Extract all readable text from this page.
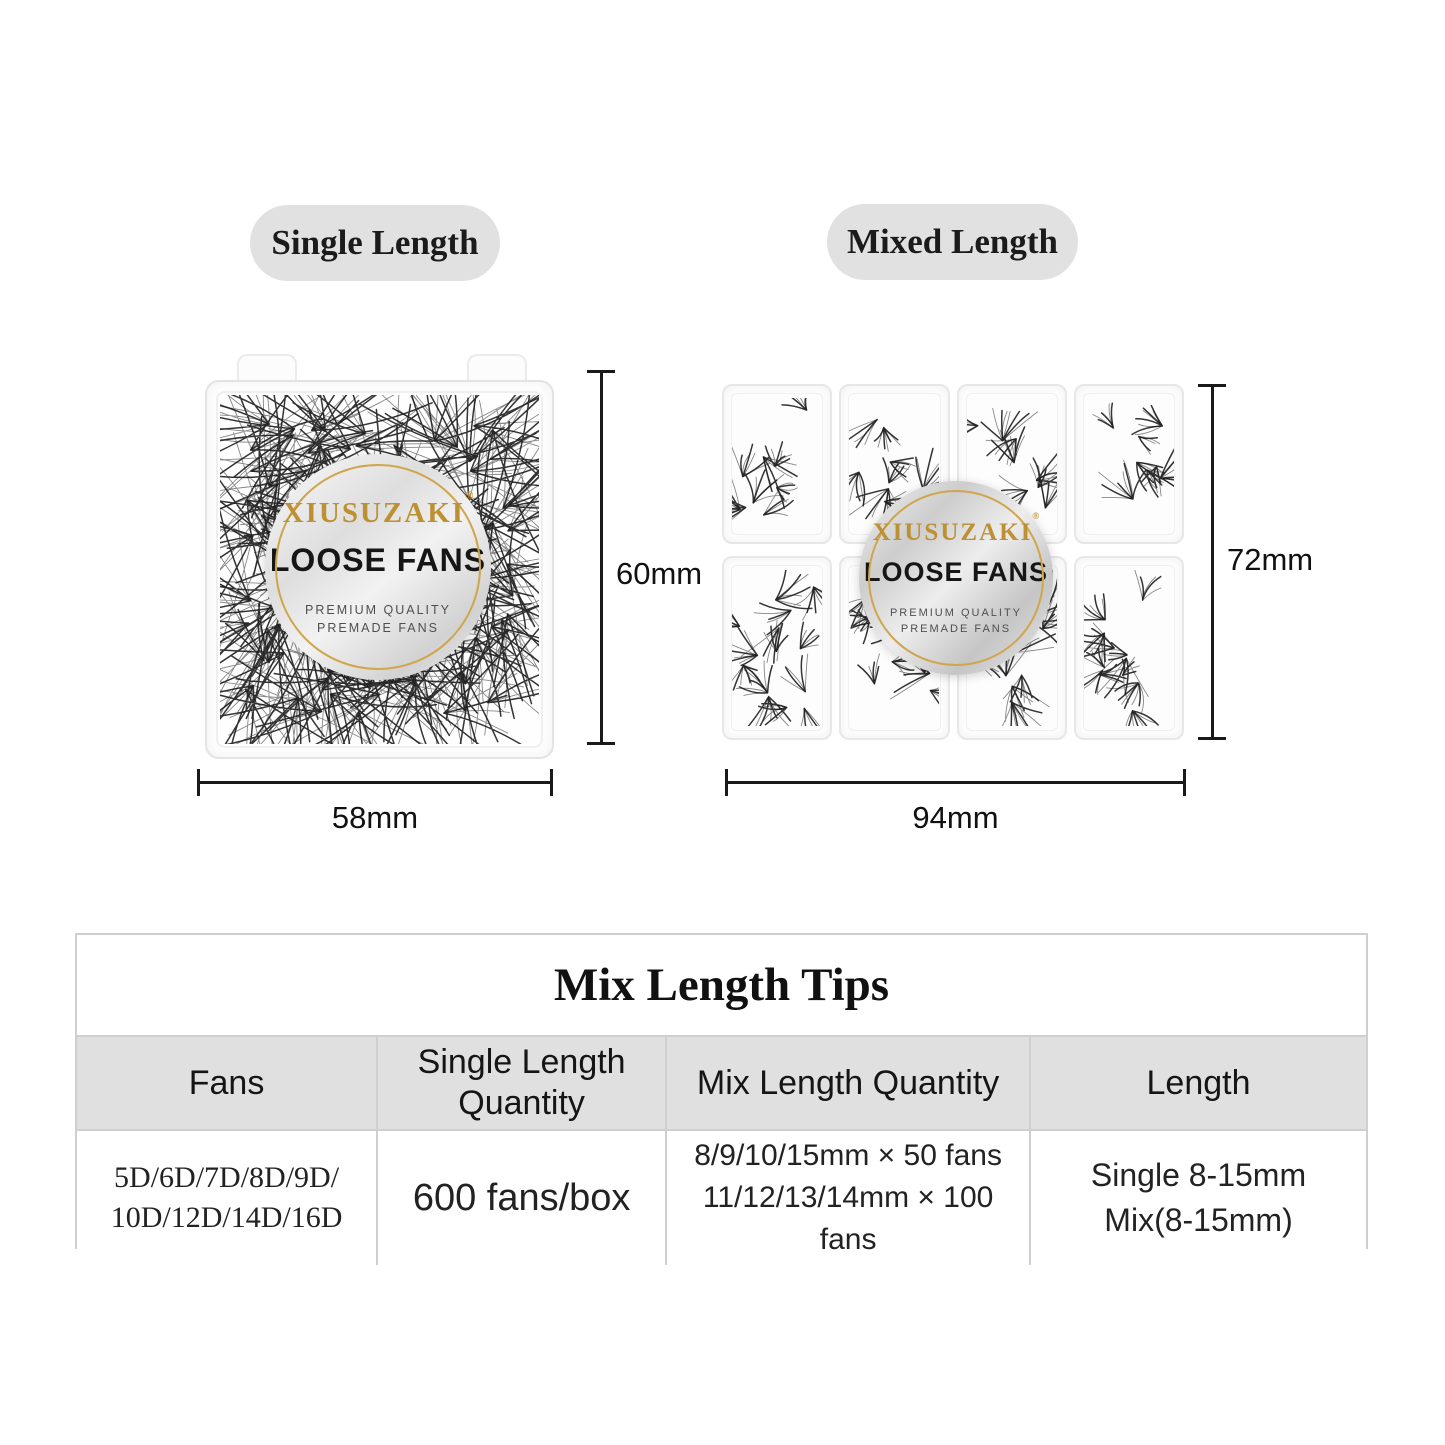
Single Length	Mixed Length
XIUSUZAKI®
LOOSE FANS
PREMIUM QUALITY
PREMADE FANS
XIUSUZAKI®
LOOSE FANS
PREMIUM QUALITY
PREMADE FANS
60mm
58mm
72mm
94mm
Mix Length Tips
Fans
Single Length Quantity
Mix Length Quantity	Length
5D/6D/7D/8D/9D/
10D/12D/14D/16D 600 fans/box
8/9/10/15mm × 50 fans
11/12/13/14mm × 100 fans
Single 8-15mm
Mix(8-15mm)
